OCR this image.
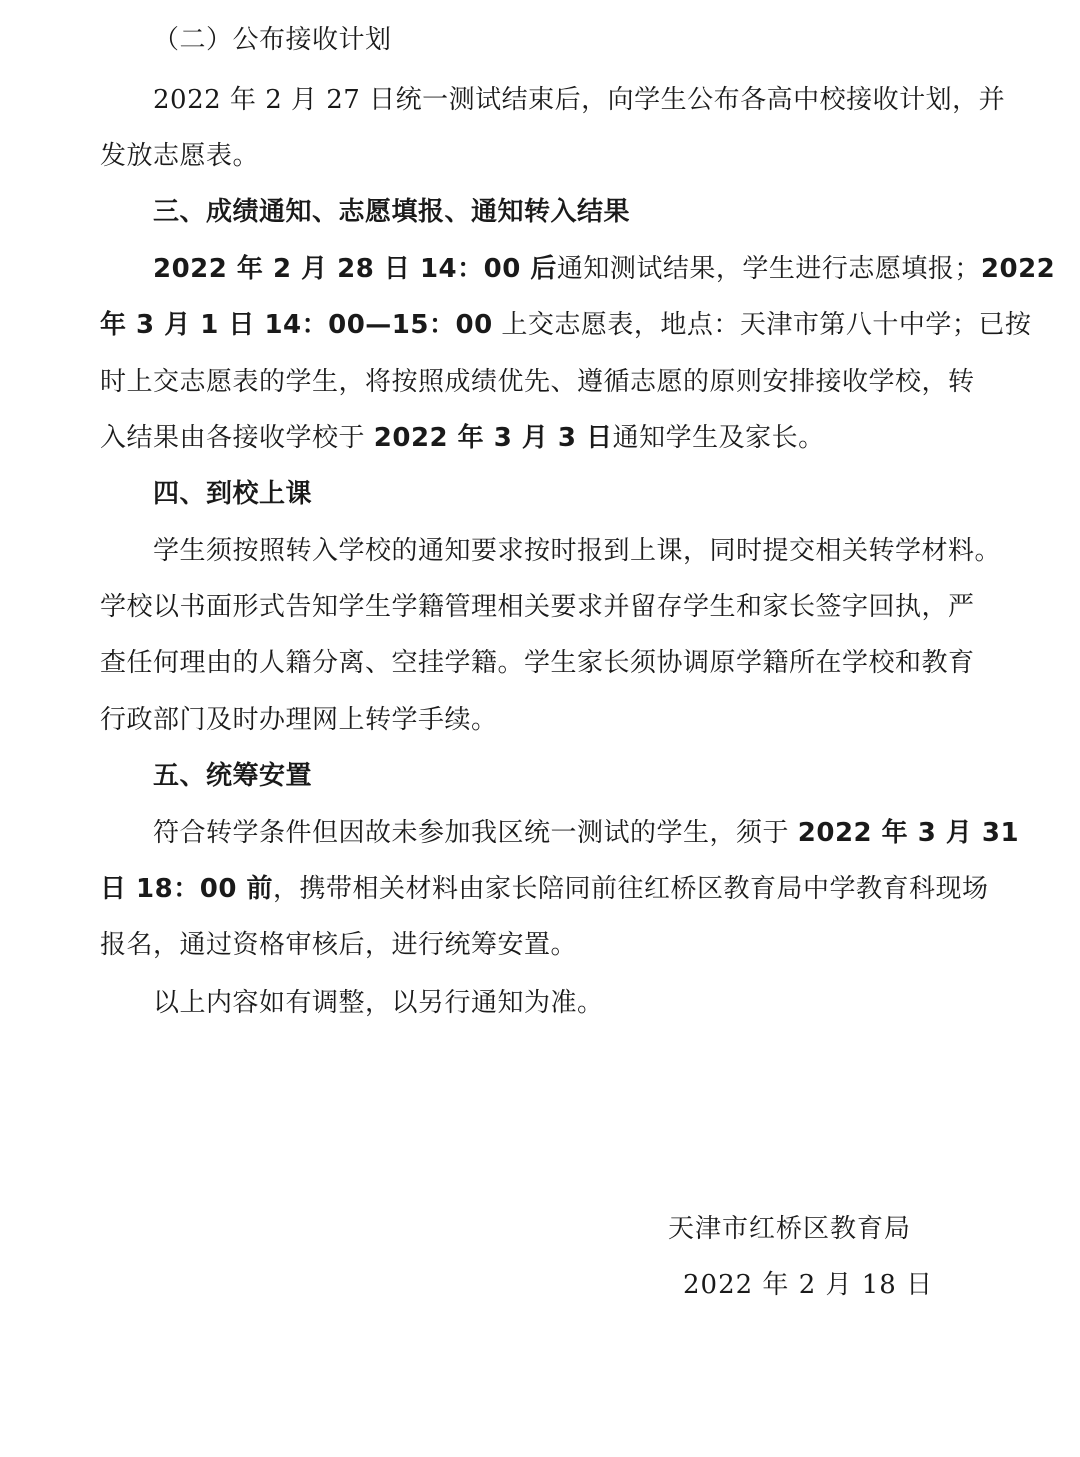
（二）公布接收计划
2022 年 2 月 27 日统一测试结束后，向学生公布各高中校接收计划，并
发放志愿表。
三、成绩通知、志愿填报、通知转入结果
2022 年 2 月 28 日 14：00 后通知测试结果，学生进行志愿填报；2022
年 3 月 1 日 14：00—15：00 上交志愿表，地点：天津市第八十中学；已按
时上交志愿表的学生，将按照成绩优先、遵循志愿的原则安排接收学校，转
入结果由各接收学校于 2022 年 3 月 3 日通知学生及家长。
四、到校上课
学生须按照转入学校的通知要求按时报到上课，同时提交相关转学材料。
学校以书面形式告知学生学籍管理相关要求并留存学生和家长签字回执，严
查任何理由的人籍分离、空挂学籍。学生家长须协调原学籍所在学校和教育
行政部门及时办理网上转学手续。
五、统筹安置
符合转学条件但因故未参加我区统一测试的学生，须于 2022 年 3 月 31
日 18：00 前，携带相关材料由家长陪同前往红桥区教育局中学教育科现场
报名，通过资格审核后，进行统筹安置。
以上内容如有调整，以另行通知为准。
天津市红桥区教育局
2022 年 2 月 18 日
